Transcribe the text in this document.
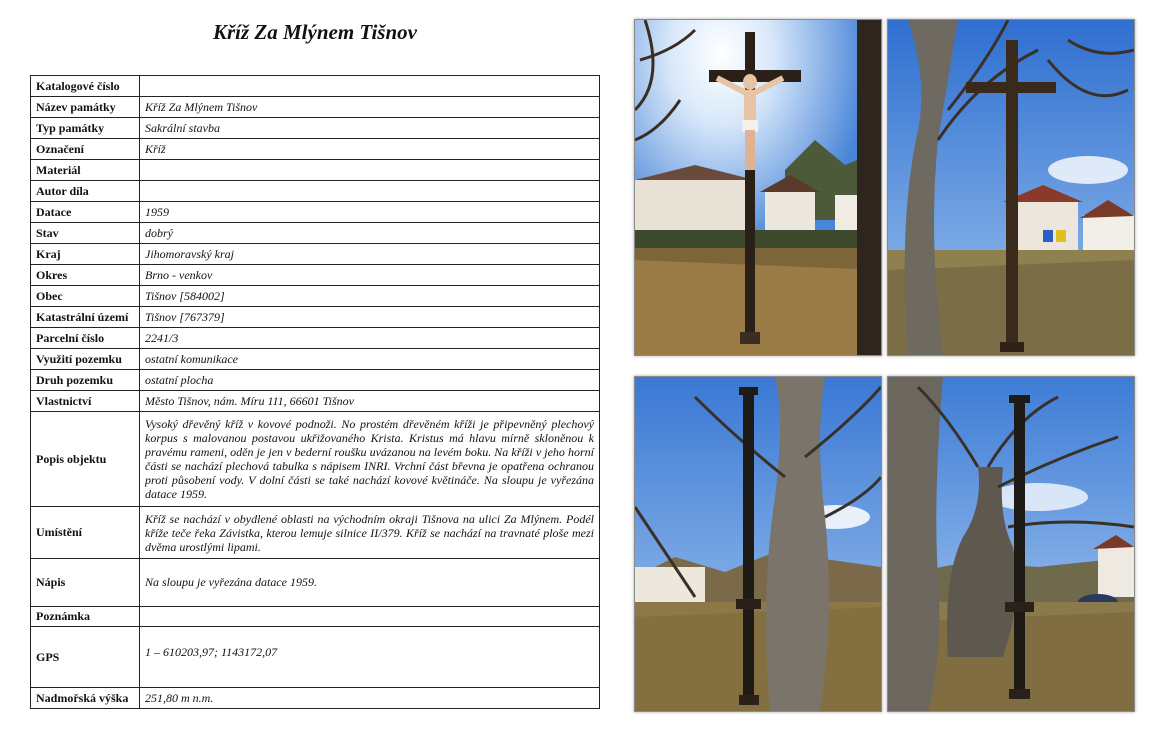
Kříž Za Mlýnem Tišnov
Katalogové číslo	
Název památky	Kříž Za Mlýnem Tišnov
Typ památky	Sakrální stavba
Označení	Kříž
Materiál	
Autor díla	
Datace	1959
Stav	dobrý
Kraj	Jihomoravský kraj
Okres	Brno - venkov
Obec	Tišnov [584002]
Katastrální území	Tišnov [767379]
Parcelní číslo	2241/3
Využití pozemku	ostatní komunikace
Druh pozemku	ostatní plocha
Vlastnictví	Město Tišnov, nám. Míru 111, 66601 Tišnov
Popis objektu	Vysoký dřevěný kříž v kovové podnoži. No prostém dřevěném kříži je připevněný plechový korpus s malovanou postavou ukřižovaného Krista. Kristus má hlavu mírně skloněnou k pravému rameni, oděn je jen v bederní roušku uvázanou na levém boku. Na kříži v jeho horní části se nachází plechová tabulka s nápisem INRI. Vrchní část břevna je opatřena ochranou proti působení vody. V dolní části se také nachází kovové květináče. Na sloupu je vyřezána datace 1959.
Umístění	Kříž se nachází v obydlené oblasti na východním okraji Tišnova na ulici Za Mlýnem. Podél kříže teče řeka Závistka, kterou lemuje silnice II/379. Kříž se nachází na travnaté ploše mezi dvěma urostlými lipami.
Nápis	Na sloupu je vyřezána datace 1959.
Poznámka	
GPS	1 – 610203,97; 1143172,07
Nadmořská výška	251,80 m n.m.
